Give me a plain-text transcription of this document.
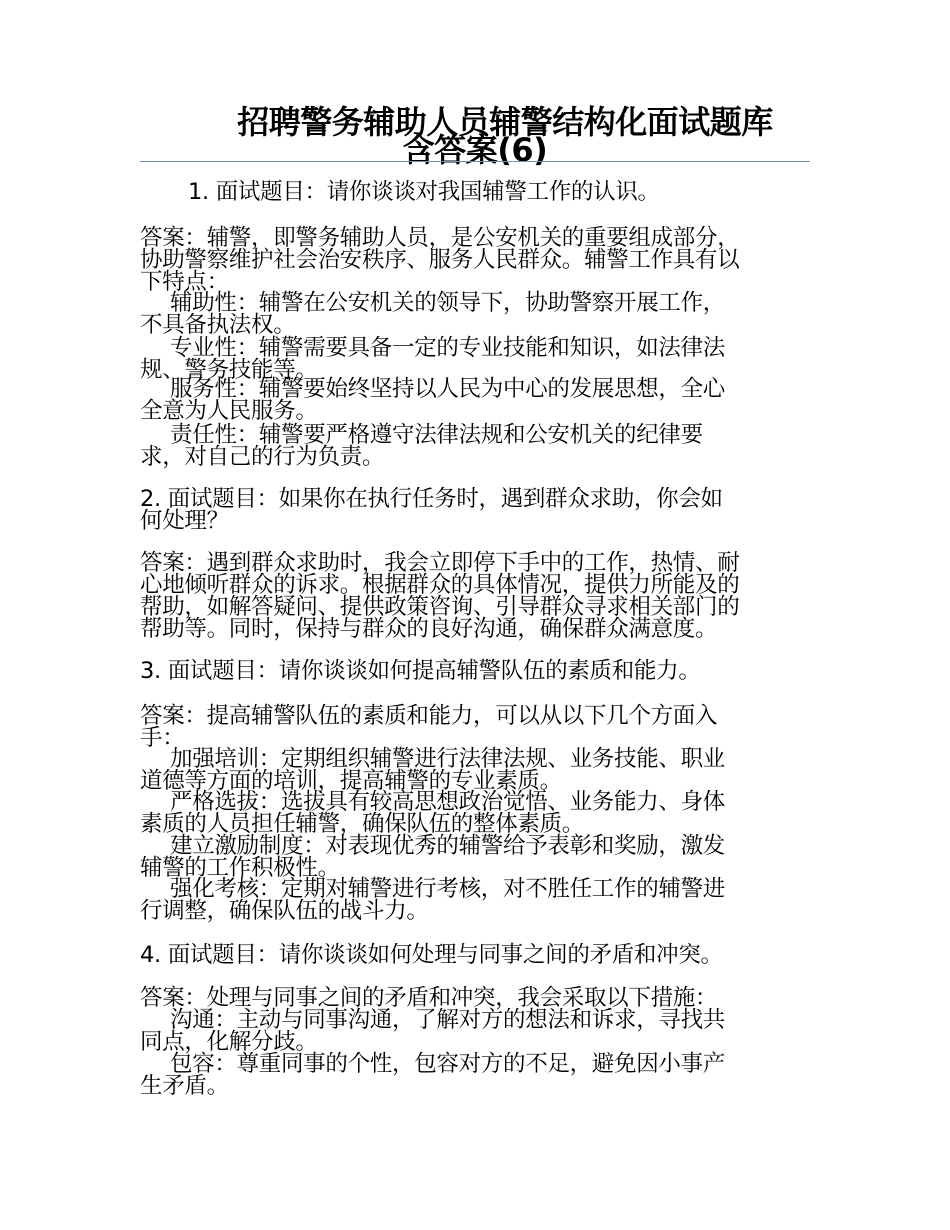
招聘警务辅助人员辅警结构化面试题库
含答案(6)
1. 面试题目：请你谈谈对我国辅警工作的认识。
答案：辅警，即警务辅助人员，是公安机关的重要组成部分，
协助警察维护社会治安秩序、服务人民群众。辅警工作具有以
下特点：
辅助性：辅警在公安机关的领导下，协助警察开展工作，
不具备执法权。
专业性：辅警需要具备一定的专业技能和知识，如法律法
规、警务技能等。
服务性：辅警要始终坚持以人民为中心的发展思想，全心
全意为人民服务。
责任性：辅警要严格遵守法律法规和公安机关的纪律要
求，对自己的行为负责。
2. 面试题目：如果你在执行任务时，遇到群众求助，你会如
何处理？
答案：遇到群众求助时，我会立即停下手中的工作，热情、耐
心地倾听群众的诉求。根据群众的具体情况，提供力所能及的
帮助，如解答疑问、提供政策咨询、引导群众寻求相关部门的
帮助等。同时，保持与群众的良好沟通，确保群众满意度。
3. 面试题目：请你谈谈如何提高辅警队伍的素质和能力。
答案：提高辅警队伍的素质和能力，可以从以下几个方面入
手：
加强培训：定期组织辅警进行法律法规、业务技能、职业
道德等方面的培训，提高辅警的专业素质。
严格选拔：选拔具有较高思想政治觉悟、业务能力、身体
素质的人员担任辅警，确保队伍的整体素质。
建立激励制度：对表现优秀的辅警给予表彰和奖励，激发
辅警的工作积极性。
强化考核：定期对辅警进行考核，对不胜任工作的辅警进
行调整，确保队伍的战斗力。
4. 面试题目：请你谈谈如何处理与同事之间的矛盾和冲突。
答案：处理与同事之间的矛盾和冲突，我会采取以下措施：
沟通：主动与同事沟通，了解对方的想法和诉求，寻找共
同点，化解分歧。
包容：尊重同事的个性，包容对方的不足，避免因小事产
生矛盾。
